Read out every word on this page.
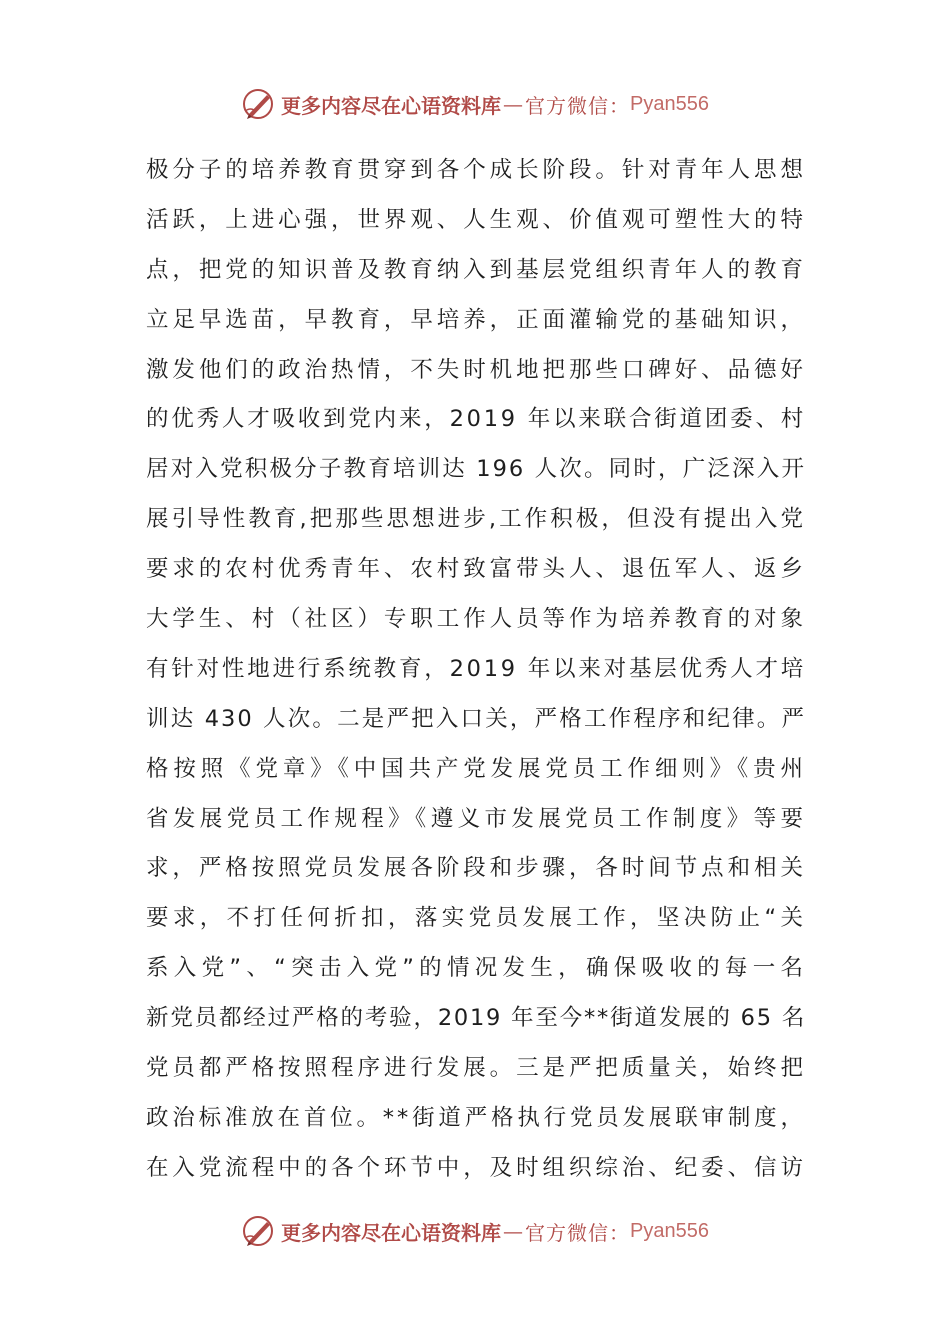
更多内容尽在心语资料库 — 官方微信： Pyan556
极分子的培养教育贯穿到各个成长阶段。针对青年人思想
活跃，上进心强，世界观、人生观、价值观可塑性大的特
点，把党的知识普及教育纳入到基层党组织青年人的教育
立足早选苗，早教育，早培养，正面灌输党的基础知识，
激发他们的政治热情，不失时机地把那些口碑好、品德好
的优秀人才吸收到党内来，2019 年以来联合街道团委、村
居对入党积极分子教育培训达 196 人次。同时，广泛深入开
展引导性教育,把那些思想进步,工作积极，但没有提出入党
要求的农村优秀青年、农村致富带头人、退伍军人、返乡
大学生、村（社区）专职工作人员等作为培养教育的对象
有针对性地进行系统教育，2019 年以来对基层优秀人才培
训达 430 人次。二是严把入口关，严格工作程序和纪律。严
格按照《党章》《中国共产党发展党员工作细则》《贵州
省发展党员工作规程》《遵义市发展党员工作制度》等要
求，严格按照党员发展各阶段和步骤，各时间节点和相关
要求，不打任何折扣，落实党员发展工作，坚决防止“关
系入党”、“突击入党”的情况发生，确保吸收的每一名
新党员都经过严格的考验，2019 年至今**街道发展的 65 名
党员都严格按照程序进行发展。三是严把质量关，始终把
政治标准放在首位。**街道严格执行党员发展联审制度，
在入党流程中的各个环节中，及时组织综治、纪委、信访
更多内容尽在心语资料库 — 官方微信： Pyan556
